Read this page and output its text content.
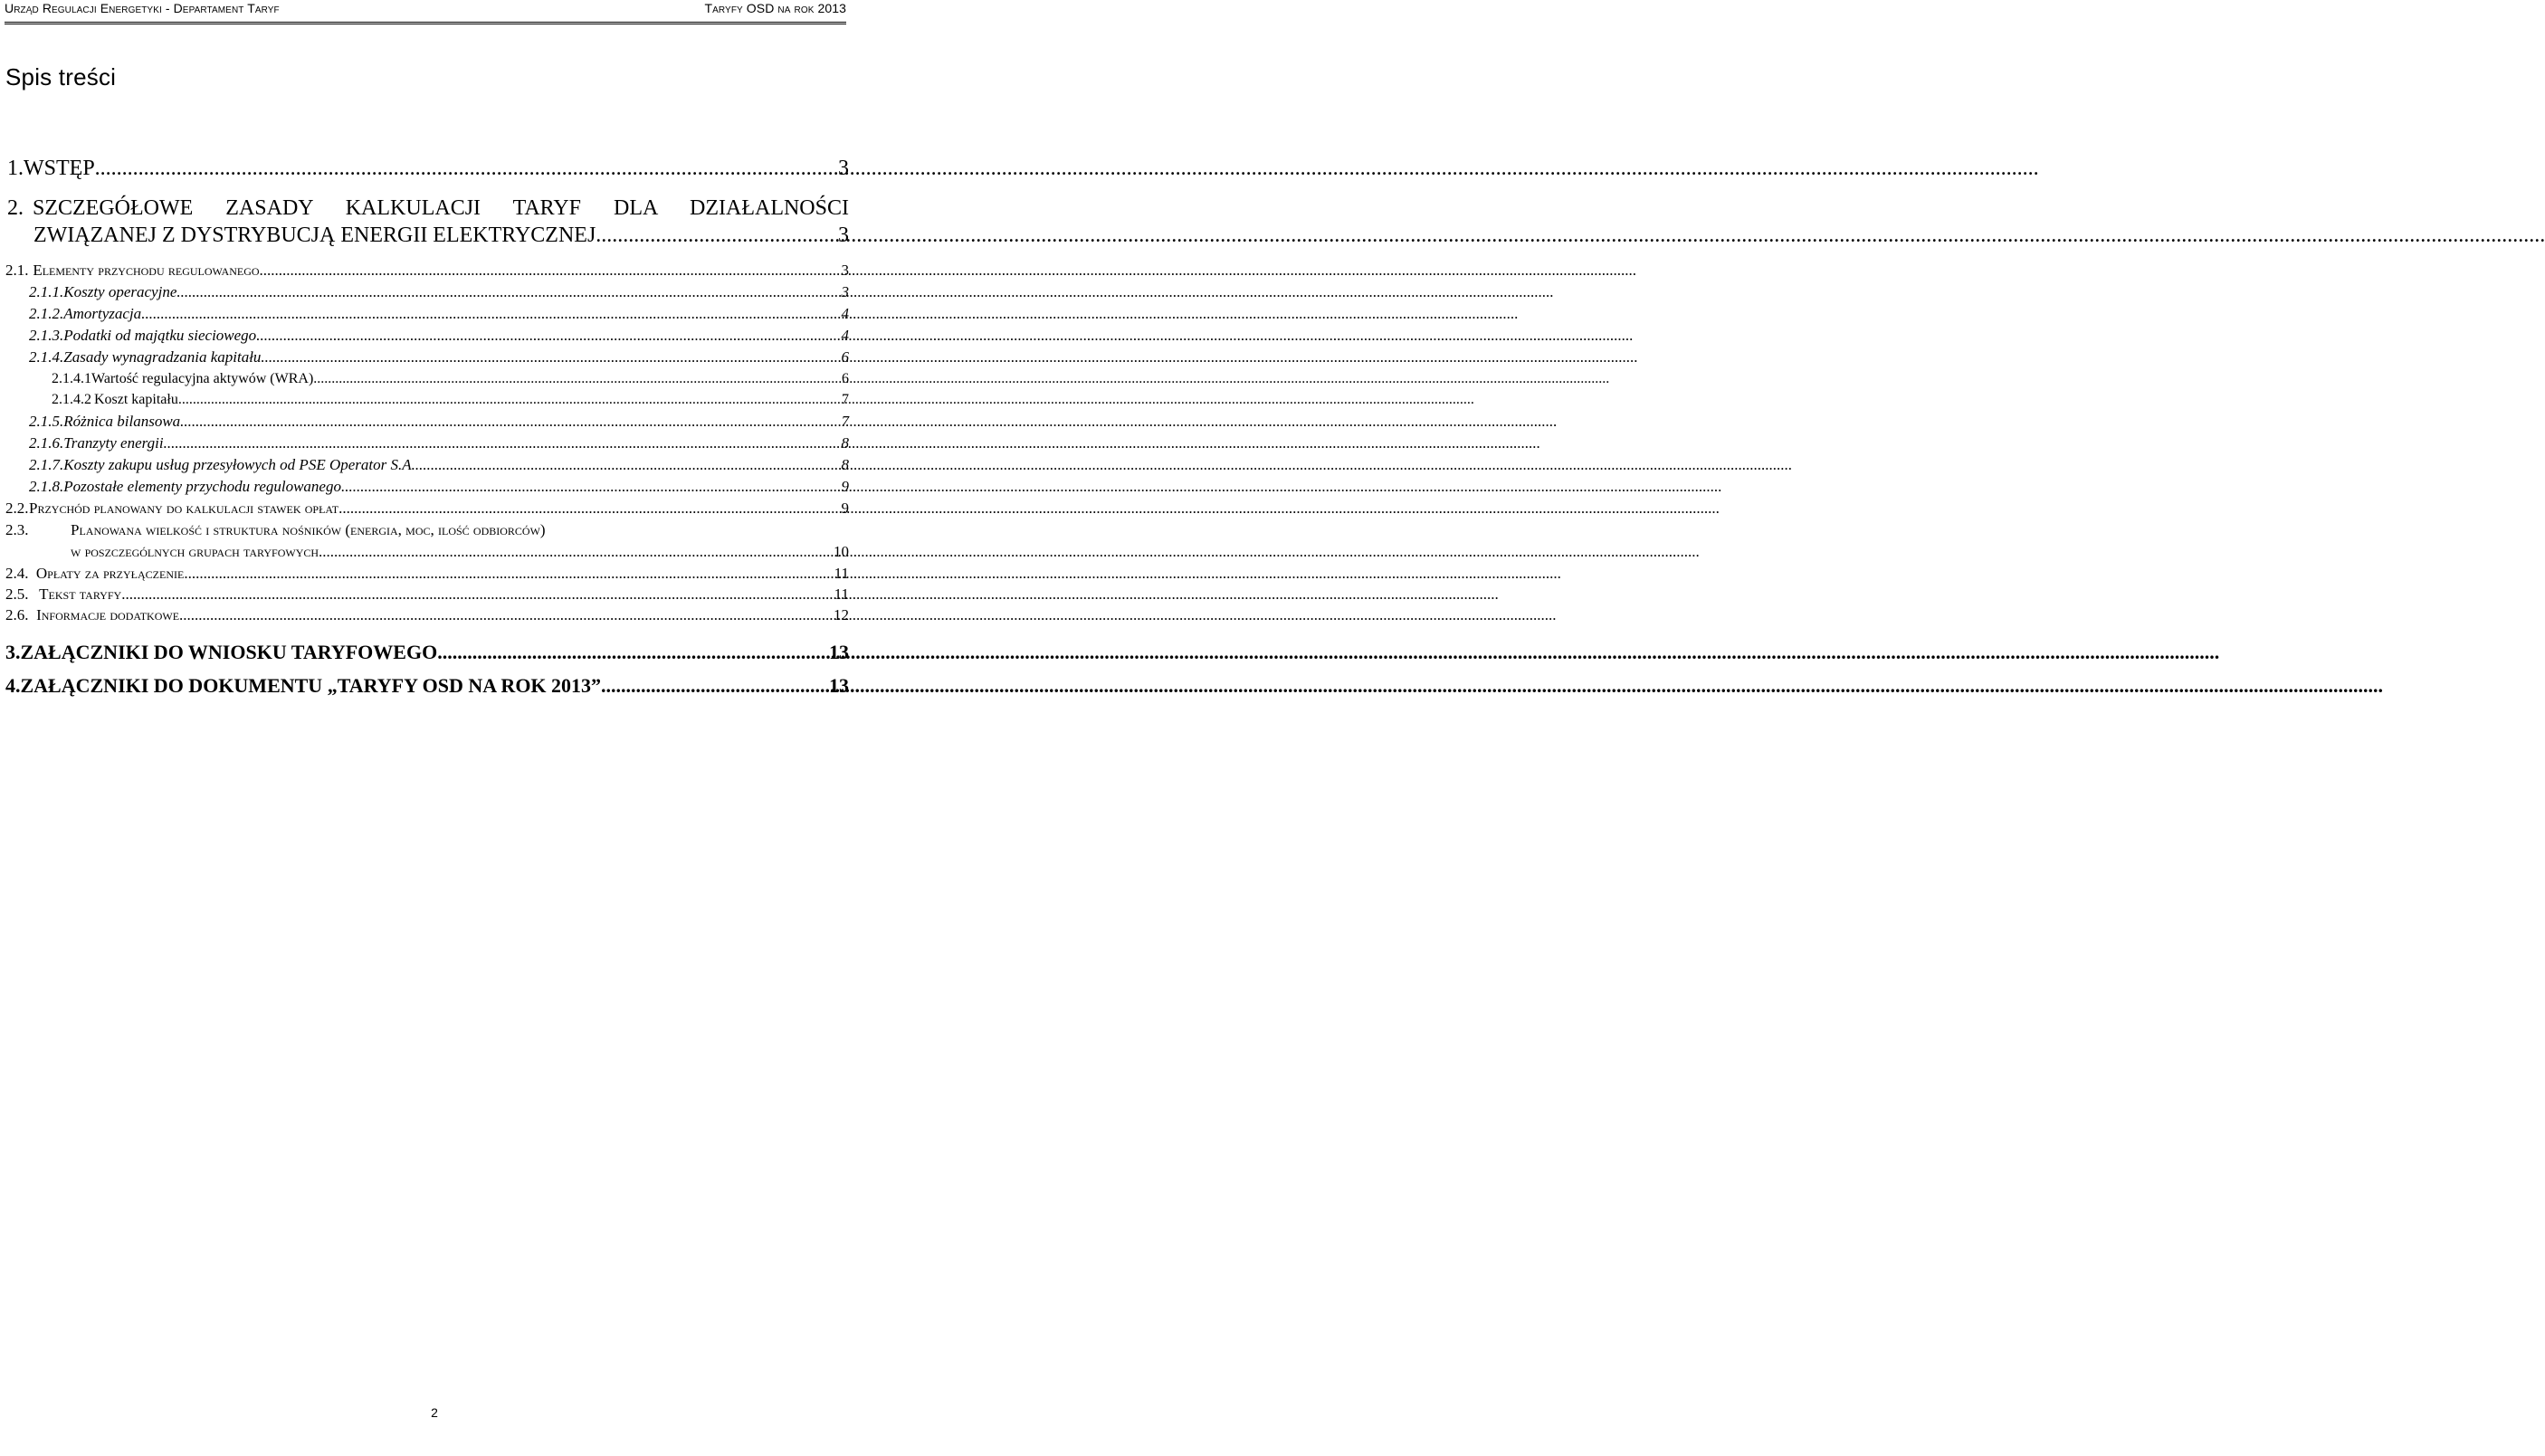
Urząd Regulacji Energetyki - Departament Taryf	Taryfy OSD na rok 2013
Spis treści
1. WSTĘP .....	3
2. SZCZEGÓŁOWE ZASADY KALKULACJI TARYF DLA DZIAŁALNOŚCI
ZWIĄZANEJ Z DYSTRYBUCJĄ ENERGII ELEKTRYCZNEJ. .....	3
2.1. Elementy przychodu regulowanego .....	3
2.1.1. Koszty operacyjne .....	3
2.1.2. Amortyzacja .....	4
2.1.3. Podatki od majątku sieciowego .....	4
2.1.4. Zasady wynagradzania kapitału .....	6
2.1.4.1 Wartość regulacyjna aktywów (WRA) .....	6
2.1.4.2 Koszt kapitału .....	7
2.1.5. Różnica bilansowa .....	7
2.1.6. Tranzyty energii .....	8
2.1.7. Koszty zakupu usług przesyłowych od PSE Operator S.A. .....	8
2.1.8. Pozostałe elementy przychodu regulowanego. .....	9
2.2. Przychód planowany do kalkulacji stawek opłat. .....	9
2.3.	Planowana wielkość i struktura nośników (energia, moc, ilość odbiorców)
w poszczególnych grupach taryfowych. .....	10
2.4. Opłaty za przyłączenie .....	11
2.5. Tekst taryfy .....	11
2.6. Informacje dodatkowe .....	12
3. ZAŁĄCZNIKI DO WNIOSKU TARYFOWEGO .....	13
4. ZAŁĄCZNIKI DO DOKUMENTU „TARYFY OSD NA ROK 2013” .....	13
2
